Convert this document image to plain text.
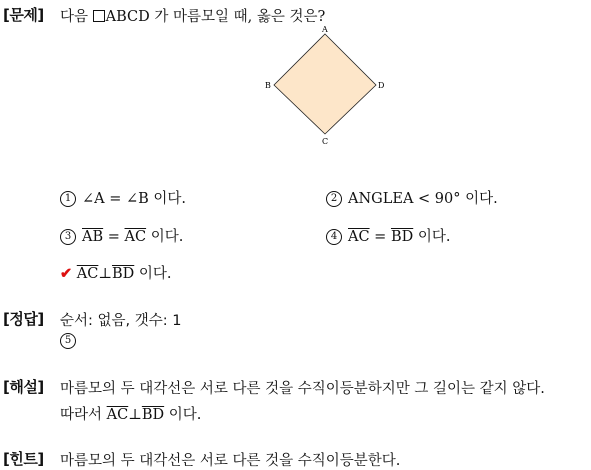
[문제] 다음 ABCD 가 마름모일 때, 옳은 것은?
A
B
C
D
1 ∠A = ∠B 이다.	2 ANGLEA < 90° 이다.
3 $\overline{AB} = \overline{AC}$ 이다.	4 $\overline{AC} = \overline{BD}$ 이다.
✔ $\overline{AC}\perp\overline{BD}$ 이다.
[정답] 순서: 없음, 갯수: 1
5
[해설] 마름모의 두 대각선은 서로 다른 것을 수직이등분하지만 그 길이는 같지 않다.
따라서 $\overline{AC}\perp\overline{BD}$ 이다.
[힌트] 마름모의 두 대각선은 서로 다른 것을 수직이등분한다.
